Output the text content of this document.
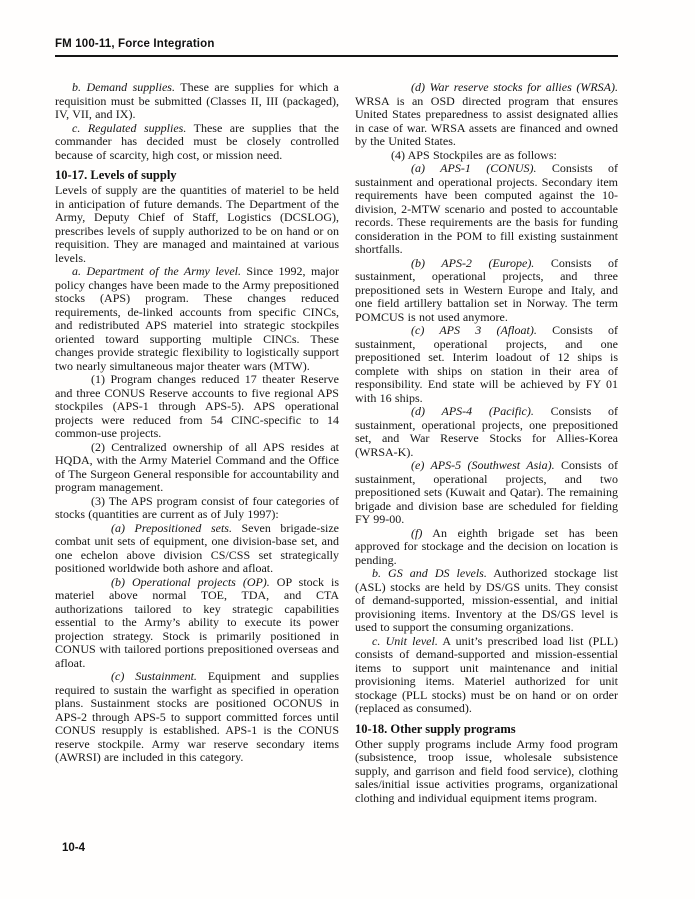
FM 100-11, Force Integration

b. Demand supplies. These are supplies for which a requisition must be submitted (Classes II, III (packaged), IV, VII, and IX).

c. Regulated supplies. These are supplies that the commander has decided must be closely controlled because of scarcity, high cost, or mission need.

10-17. Levels of supply

Levels of supply are the quantities of materiel to be held in anticipation of future demands. The Department of the Army, Deputy Chief of Staff, Logistics (DCSLOG), prescribes levels of supply authorized to be on hand or on requisition. They are managed and maintained at various levels.

a. Department of the Army level. Since 1992, major policy changes have been made to the Army prepositioned stocks (APS) program. These changes reduced requirements, de-linked accounts from specific CINCs, and redistributed APS materiel into strategic stockpiles oriented toward supporting multiple CINCs. These changes provide strategic flexibility to logistically support two nearly simultaneous major theater wars (MTW).

(1) Program changes reduced 17 theater Reserve and three CONUS Reserve accounts to five regional APS stockpiles (APS-1 through APS-5). APS operational projects were reduced from 54 CINC-specific to 14 common-use projects.

(2) Centralized ownership of all APS resides at HQDA, with the Army Materiel Command and the Office of The Surgeon General responsible for accountability and program management.

(3) The APS program consist of four categories of stocks (quantities are current as of July 1997):

(a) Prepositioned sets. Seven brigade-size combat unit sets of equipment, one division-base set, and one echelon above division CS/CSS set strategically positioned worldwide both ashore and afloat.

(b) Operational projects (OP). OP stock is materiel above normal TOE, TDA, and CTA authorizations tailored to key strategic capabilities essential to the Army’s ability to execute its power projection strategy. Stock is primarily positioned in CONUS with tailored portions prepositioned overseas and afloat.

(c) Sustainment. Equipment and supplies required to sustain the warfight as specified in operation plans. Sustainment stocks are positioned OCONUS in APS-2 through APS-5 to support committed forces until CONUS resupply is established. APS-1 is the CONUS reserve stockpile. Army war reserve secondary items (AWRSI) are included in this category.

(d) War reserve stocks for allies (WRSA). WRSA is an OSD directed program that ensures United States preparedness to assist designated allies in case of war. WRSA assets are financed and owned by the United States.

(4) APS Stockpiles are as follows:

(a) APS-1 (CONUS). Consists of sustainment and operational projects. Secondary item requirements have been computed against the 10-division, 2-MTW scenario and posted to accountable records. These requirements are the basis for funding consideration in the POM to fill existing sustainment shortfalls.

(b) APS-2 (Europe). Consists of sustainment, operational projects, and three prepositioned sets in Western Europe and Italy, and one field artillery battalion set in Norway. The term POMCUS is not used anymore.

(c) APS 3 (Afloat). Consists of sustainment, operational projects, and one prepositioned set. Interim loadout of 12 ships is complete with ships on station in their area of responsibility. End state will be achieved by FY 01 with 16 ships.

(d) APS-4 (Pacific). Consists of sustainment, operational projects, one prepositioned set, and War Reserve Stocks for Allies-Korea (WRSA-K).

(e) APS-5 (Southwest Asia). Consists of sustainment, operational projects, and two prepositioned sets (Kuwait and Qatar). The remaining brigade and division base are scheduled for fielding FY 99-00.

(f) An eighth brigade set has been approved for stockage and the decision on location is pending.

b. GS and DS levels. Authorized stockage list (ASL) stocks are held by DS/GS units. They consist of demand-supported, mission-essential, and initial provisioning items. Inventory at the DS/GS level is used to support the consuming organizations.

c. Unit level. A unit’s prescribed load list (PLL) consists of demand-supported and mission-essential items to support unit maintenance and initial provisioning items. Materiel authorized for unit stockage (PLL stocks) must be on hand or on order (replaced as consumed).

10-18. Other supply programs

Other supply programs include Army food program (subsistence, troop issue, wholesale subsistence supply, and garrison and field food service), clothing sales/initial issue activities programs, organizational clothing and individual equipment items program.

10-4
